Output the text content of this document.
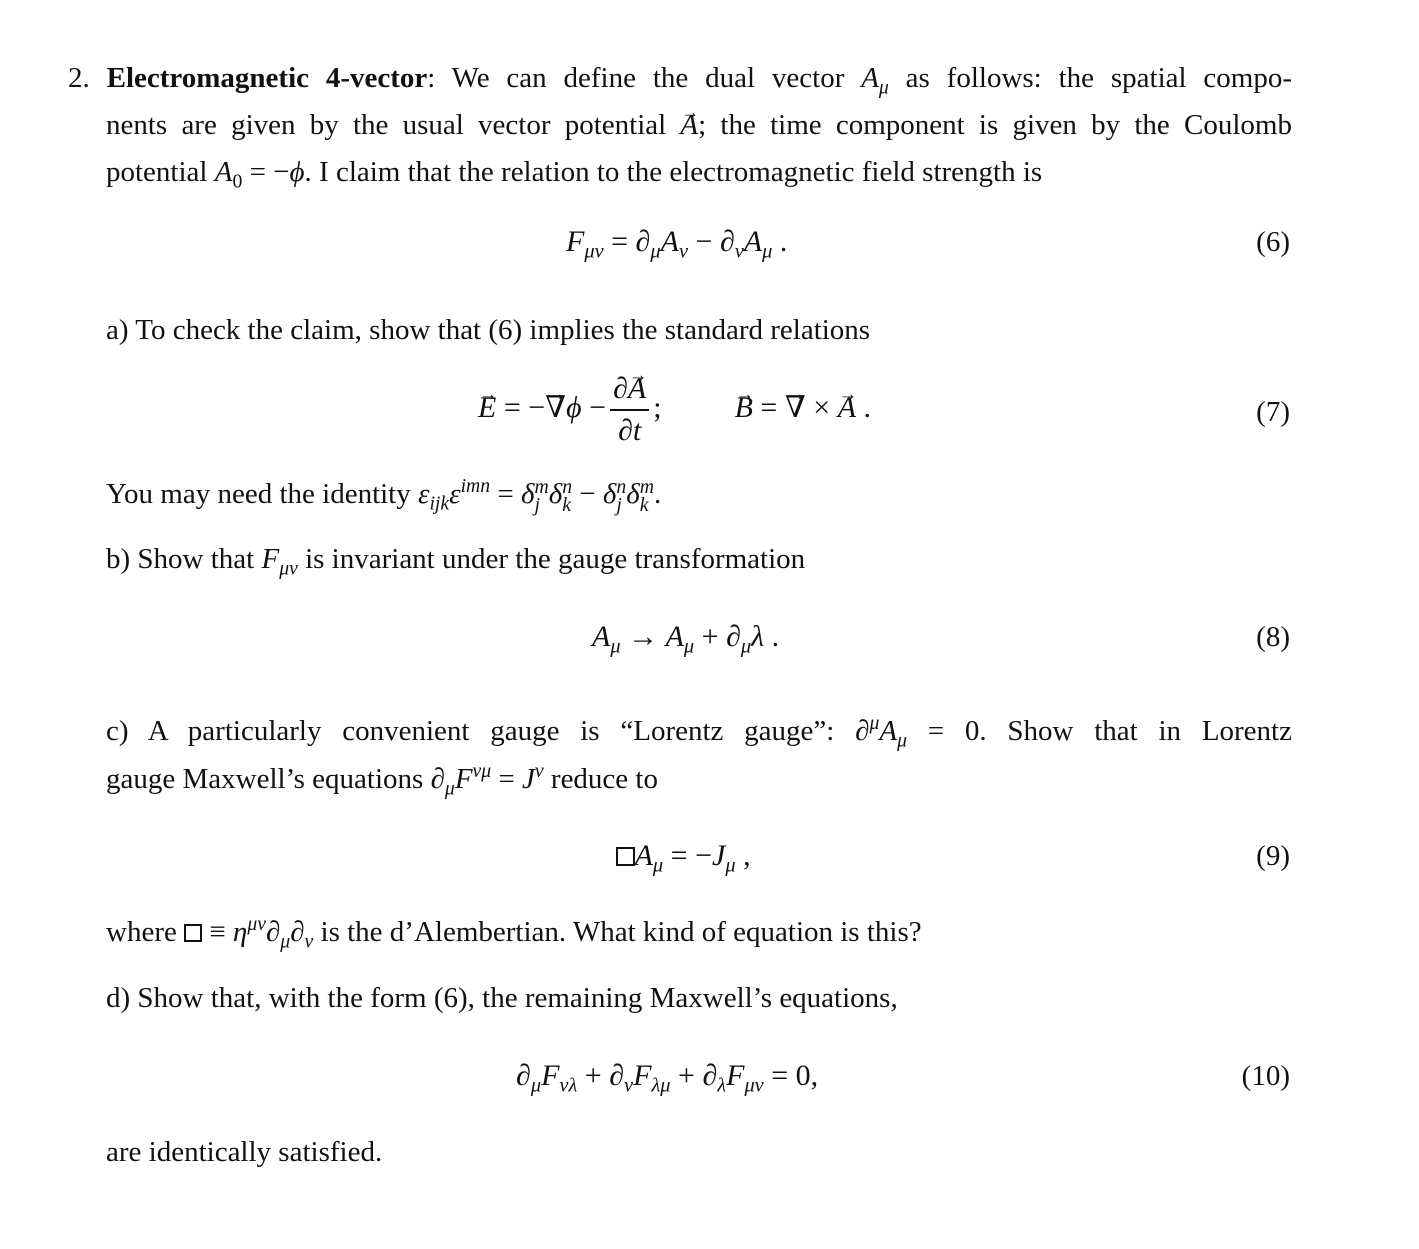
2. Electromagnetic 4-vector: We can define the dual vector $A_\mu$ as follows: the spatial compo-
nents are given by the usual vector potential → A; the time component is given by the Coulomb
potential $A_0 = -\phi$. I claim that the relation to the electromagnetic field strength is
$F_{\mu\nu} = \partial_\mu A_\nu - \partial_\nu A_\mu$ .	(6)
a) To check the claim, show that (6) implies the standard relations
→ E = −→ $\nabla\phi - \frac{\partial\to A}{\partial t}$ ;  → B = → ∇ × → A .	(7)
You may need the identity $\varepsilon_{ijk}\varepsilon^{imn} = \delta$ m
j δ n
k − δ n
j δ m
k .
b) Show that $F_{\mu\nu}$ is invariant under the gauge transformation
$A_\mu \to A_\mu + \partial_\mu\lambda$ .	(8)
c) A particularly convenient gauge is “Lorentz gauge”: $\partial^\mu A_\mu = 0$. Show that in Lorentz
gauge Maxwell’s equations $\partial_\mu F^{\nu\mu} = J^\nu$ reduce to
$A_\mu = -J_\mu$ ,	(9)
where  ≡ $\eta^{\mu\nu}\partial_\mu\partial_\nu$ is the d’Alembertian. What kind of equation is this?
d) Show that, with the form (6), the remaining Maxwell’s equations,
$\partial_\mu F_{\nu\lambda} + \partial_\nu F_{\lambda\mu} + \partial_\lambda F_{\mu\nu} = 0$,	(10)
are identically satisfied.
